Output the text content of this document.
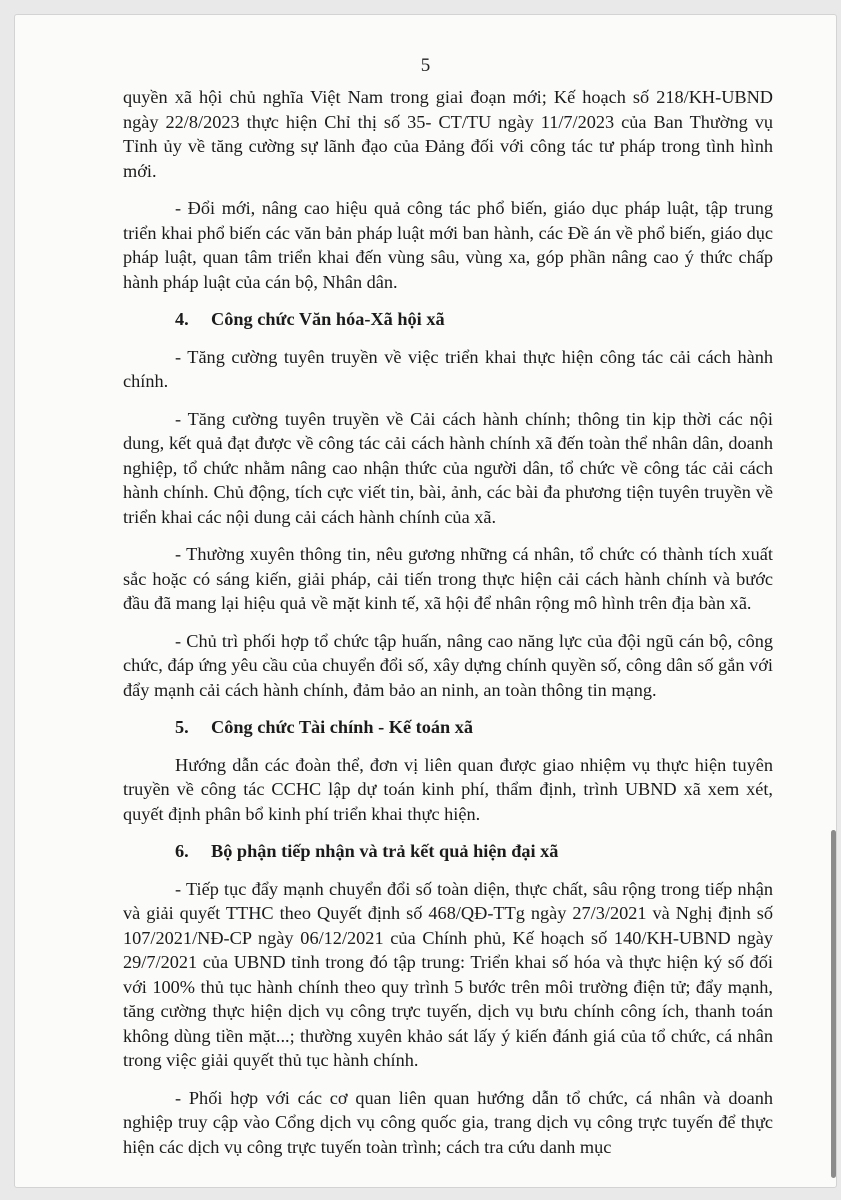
5

quyền xã hội chủ nghĩa Việt Nam trong giai đoạn mới; Kế hoạch số 218/KH-UBND ngày 22/8/2023 thực hiện Chỉ thị số 35- CT/TU ngày 11/7/2023 của Ban Thường vụ Tỉnh ủy về tăng cường sự lãnh đạo của Đảng đối với công tác tư pháp trong tình hình mới.

- Đổi mới, nâng cao hiệu quả công tác phổ biến, giáo dục pháp luật, tập trung triển khai phổ biến các văn bản pháp luật mới ban hành, các Đề án về phổ biến, giáo dục pháp luật, quan tâm triển khai đến vùng sâu, vùng xa, góp phần nâng cao ý thức chấp hành pháp luật của cán bộ, Nhân dân.

4. Công chức Văn hóa-Xã hội xã

- Tăng cường tuyên truyền về việc triển khai thực hiện công tác cải cách hành chính.

- Tăng cường tuyên truyền về Cải cách hành chính; thông tin kịp thời các nội dung, kết quả đạt được về công tác cải cách hành chính xã đến toàn thể nhân dân, doanh nghiệp, tổ chức nhằm nâng cao nhận thức của người dân, tổ chức về công tác cải cách hành chính. Chủ động, tích cực viết tin, bài, ảnh, các bài đa phương tiện tuyên truyền về triển khai các nội dung cải cách hành chính của xã.

- Thường xuyên thông tin, nêu gương những cá nhân, tổ chức có thành tích xuất sắc hoặc có sáng kiến, giải pháp, cải tiến trong thực hiện cải cách hành chính và bước đầu đã mang lại hiệu quả về mặt kinh tế, xã hội để nhân rộng mô hình trên địa bàn xã.

- Chủ trì phối hợp tổ chức tập huấn, nâng cao năng lực của đội ngũ cán bộ, công chức, đáp ứng yêu cầu của chuyển đổi số, xây dựng chính quyền số, công dân số gắn với đẩy mạnh cải cách hành chính, đảm bảo an ninh, an toàn thông tin mạng.

5. Công chức Tài chính - Kế toán xã

Hướng dẫn các đoàn thể, đơn vị liên quan được giao nhiệm vụ thực hiện tuyên truyền về công tác CCHC lập dự toán kinh phí, thẩm định, trình UBND xã xem xét, quyết định phân bổ kinh phí triển khai thực hiện.

6. Bộ phận tiếp nhận và trả kết quả hiện đại xã

- Tiếp tục đẩy mạnh chuyển đổi số toàn diện, thực chất, sâu rộng trong tiếp nhận và giải quyết TTHC theo Quyết định số 468/QĐ-TTg ngày 27/3/2021 và Nghị định số 107/2021/NĐ-CP ngày 06/12/2021 của Chính phủ, Kế hoạch số 140/KH-UBND ngày 29/7/2021 của UBND tỉnh trong đó tập trung: Triển khai số hóa và thực hiện ký số đối với 100% thủ tục hành chính theo quy trình 5 bước trên môi trường điện tử; đẩy mạnh, tăng cường thực hiện dịch vụ công trực tuyến, dịch vụ bưu chính công ích, thanh toán không dùng tiền mặt...; thường xuyên khảo sát lấy ý kiến đánh giá của tổ chức, cá nhân trong việc giải quyết thủ tục hành chính.

- Phối hợp với các cơ quan liên quan hướng dẫn tổ chức, cá nhân và doanh nghiệp truy cập vào Cổng dịch vụ công quốc gia, trang dịch vụ công trực tuyến để thực hiện các dịch vụ công trực tuyến toàn trình; cách tra cứu danh mục
